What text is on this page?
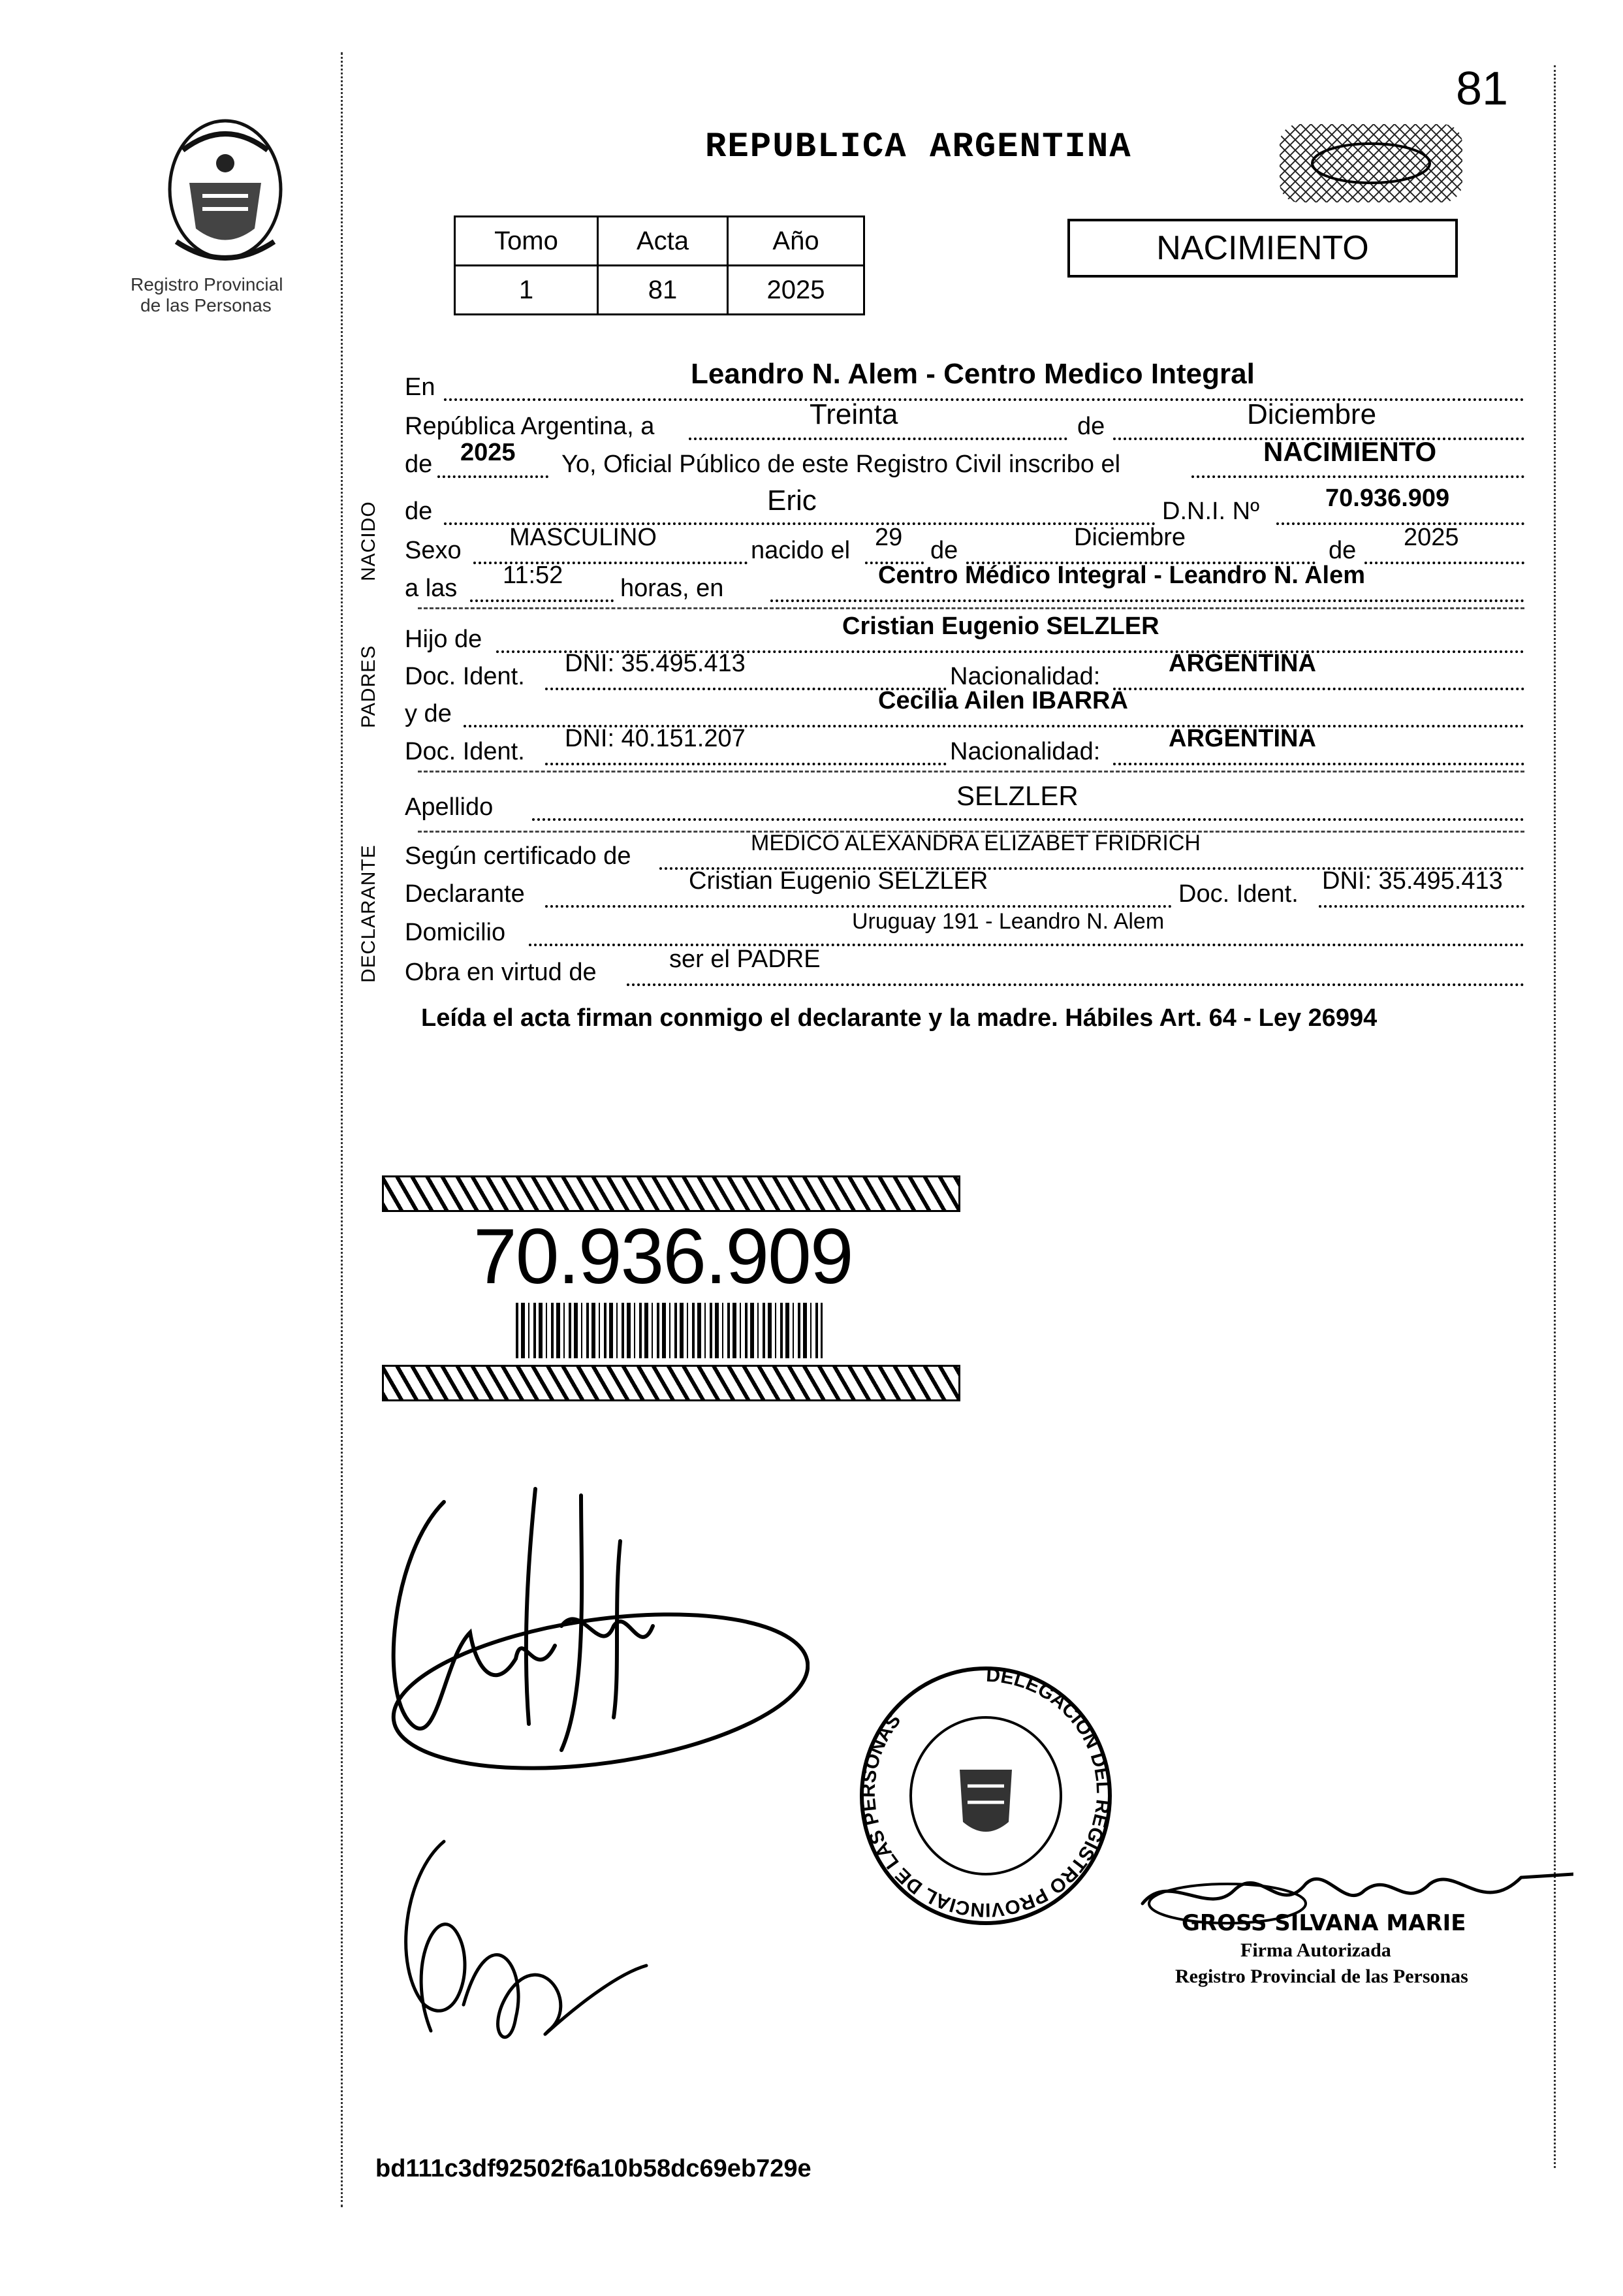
81
Registro Provincial
de las Personas
REPUBLICA ARGENTINA
Tomo	Acta	Año
1	81	2025
NACIMIENTO
NACIDO
PADRES
DECLARANTE
En	Leandro N. Alem - Centro Medico Integral
República Argentina, a	Treinta	de	Diciembre
de 2025 Yo, Oficial Público de este Registro Civil inscribo el	NACIMIENTO
de	Eric	D.N.I. Nº	70.936.909
Sexo MASCULINO	nacido el 29 de	Diciembre	de 2025
a las 11:52 horas, en	Centro Médico Integral - Leandro N. Alem
Hijo de	Cristian Eugenio SELZLER
Doc. Ident. DNI: 35.495.413	Nacionalidad:	ARGENTINA
y de	Cecilia Ailen IBARRA
Doc. Ident. DNI: 40.151.207	Nacionalidad:	ARGENTINA
Apellido	SELZLER
Según certificado de	MEDICO ALEXANDRA ELIZABET FRIDRICH
Declarante	Cristian Eugenio SELZLER	Doc. Ident. DNI: 35.495.413
Domicilio	Uruguay 191 - Leandro N. Alem
Obra en virtud de	ser el PADRE
Leída el acta firman conmigo el declarante y la madre. Hábiles Art. 64 - Ley 26994
70.936.909
DELEGACION DEL REGISTRO PROVINCIAL DE LAS PERSONAS
GROSS SILVANA MARIE
Firma Autorizada
Registro Provincial de las Personas
bd111c3df92502f6a10b58dc69eb729e
